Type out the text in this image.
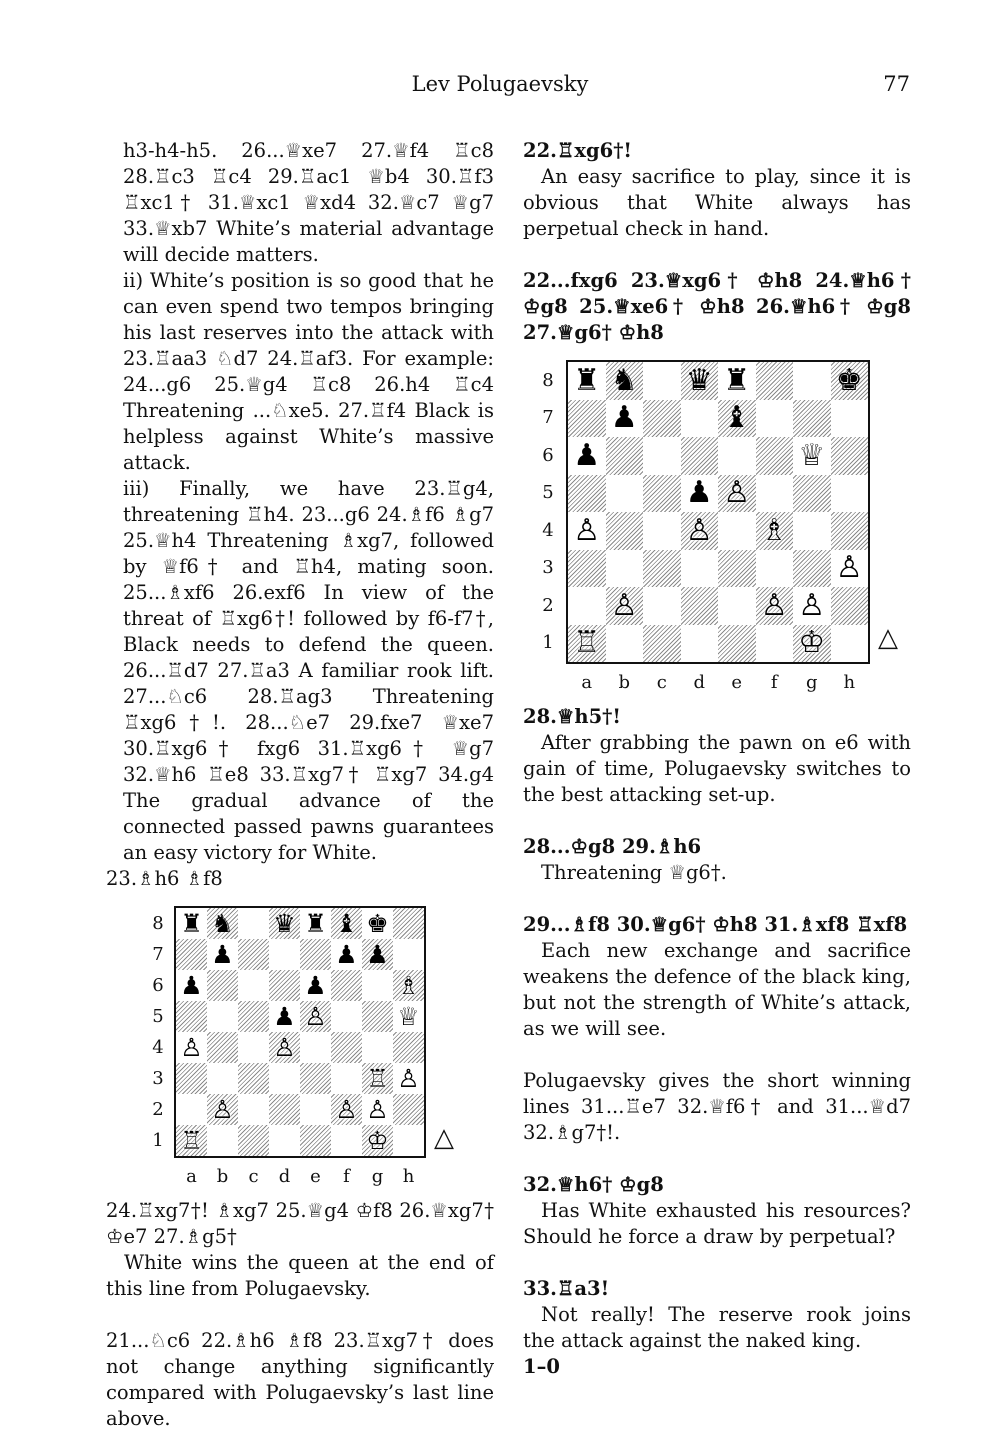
Lev Polugaevsky	77

h3-h4-h5. 26...♕xe7 27.♕f4 ♖c8 28.♖c3 ♖c4 29.♖ac1 ♕b4 30.♖f3 ♖xc1† 31.♕xc1 ♕xd4 32.♕c7 ♕g7 33.♕xb7 White’s material advantage will decide matters.

ii) White’s position is so good that he can even spend two tempos bringing his last reserves into the attack with 23.♖aa3 ♘d7 24.♖af3. For example: 24...g6 25.♕g4 ♖c8 26.h4 ♖c4 Threatening ...♘xe5. 27.♖f4 Black is helpless against White’s massive attack.

iii) Finally, we have 23.♖g4, threatening ♖h4. 23...g6 24.♗f6 ♗g7 25.♕h4 Threatening ♗xg7, followed by ♕f6† and ♖h4, mating soon. 25...♗xf6 26.exf6 In view of the threat of ♖xg6†! followed by f6-f7†, Black needs to defend the queen. 26...♖d7 27.♖a3 A familiar rook lift. 27...♘c6 28.♖ag3 Threatening ♖xg6†!. 28...♘e7 29.fxe7 ♕xe7 30.♖xg6† fxg6 31.♖xg6† ♕g7 32.♕h6 ♖e8 33.♖xg7† ♖xg7 34.g4 The gradual advance of the connected passed pawns guarantees an easy victory for White.

23.♗h6 ♗f8

♜ ♞ ♛ ♜ ♝ ♚
♟	♟ ♟
♟	♟	♗
♟ ♙	♕
♙	♙
♖ ♙
♙	♙ ♙
♖	♔
8
7
6
5
4
3
2
1
a	b	c	d	e	f	g	h
△

24.♖xg7†! ♗xg7 25.♕g4 ♔f8 26.♕xg7† ♔e7 27.♗g5†

White wins the queen at the end of this line from Polugaevsky.

21...♘c6 22.♗h6 ♗f8 23.♖xg7† does not change anything significantly compared with Polugaevsky’s last line above.

22.♖xg6†!

An easy sacrifice to play, since it is obvious that White always has perpetual check in hand.

22...fxg6 23.♕xg6† ♔h8 24.♕h6† ♔g8 25.♕xe6† ♔h8 26.♕h6† ♔g8 27.♕g6† ♔h8

♜ ♞ ♛ ♜	♚
♟	♝
♟	♕
♟ ♙
♙	♙ ♗
♙
♙	♙ ♙
♖	♔
8
7
6
5
4
3
2
1
a	b	c	d	e	f	g	h
△

28.♕h5†!

After grabbing the pawn on e6 with gain of time, Polugaevsky switches to the best attacking set-up.

28...♔g8 29.♗h6

Threatening ♕g6†.

29...♗f8 30.♕g6† ♔h8 31.♗xf8 ♖xf8

Each new exchange and sacrifice weakens the defence of the black king, but not the strength of White’s attack, as we will see.

Polugaevsky gives the short winning lines 31...♖e7 32.♕f6† and 31...♕d7 32.♗g7†!.

32.♕h6† ♔g8

Has White exhausted his resources? Should he force a draw by perpetual?

33.♖a3!

Not really! The reserve rook joins the attack against the naked king.

1–0
